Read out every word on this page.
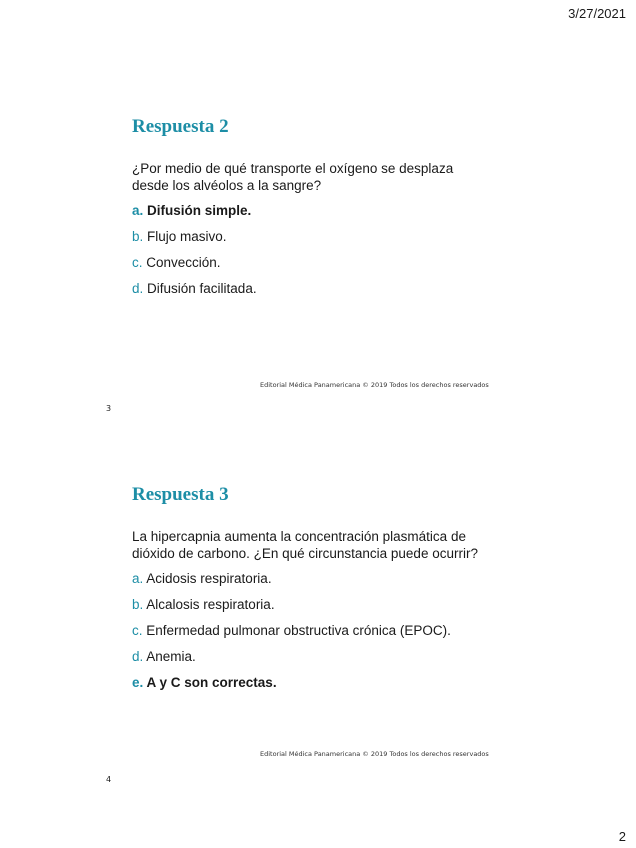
3/27/2021
Respuesta 2
¿Por medio de qué transporte el oxígeno se desplaza
desde los alvéolos a la sangre?
a. Difusión simple.
b. Flujo masivo.
c. Convección.
d. Difusión facilitada.
Editorial Médica Panamericana © 2019 Todos los derechos reservados
3
Respuesta 3
La hipercapnia aumenta la concentración plasmática de
dióxido de carbono. ¿En qué circunstancia puede ocurrir?
a. Acidosis respiratoria.
b. Alcalosis respiratoria.
c. Enfermedad pulmonar obstructiva crónica (EPOC).
d. Anemia.
e. A y C son correctas.
Editorial Médica Panamericana © 2019 Todos los derechos reservados
4
2
